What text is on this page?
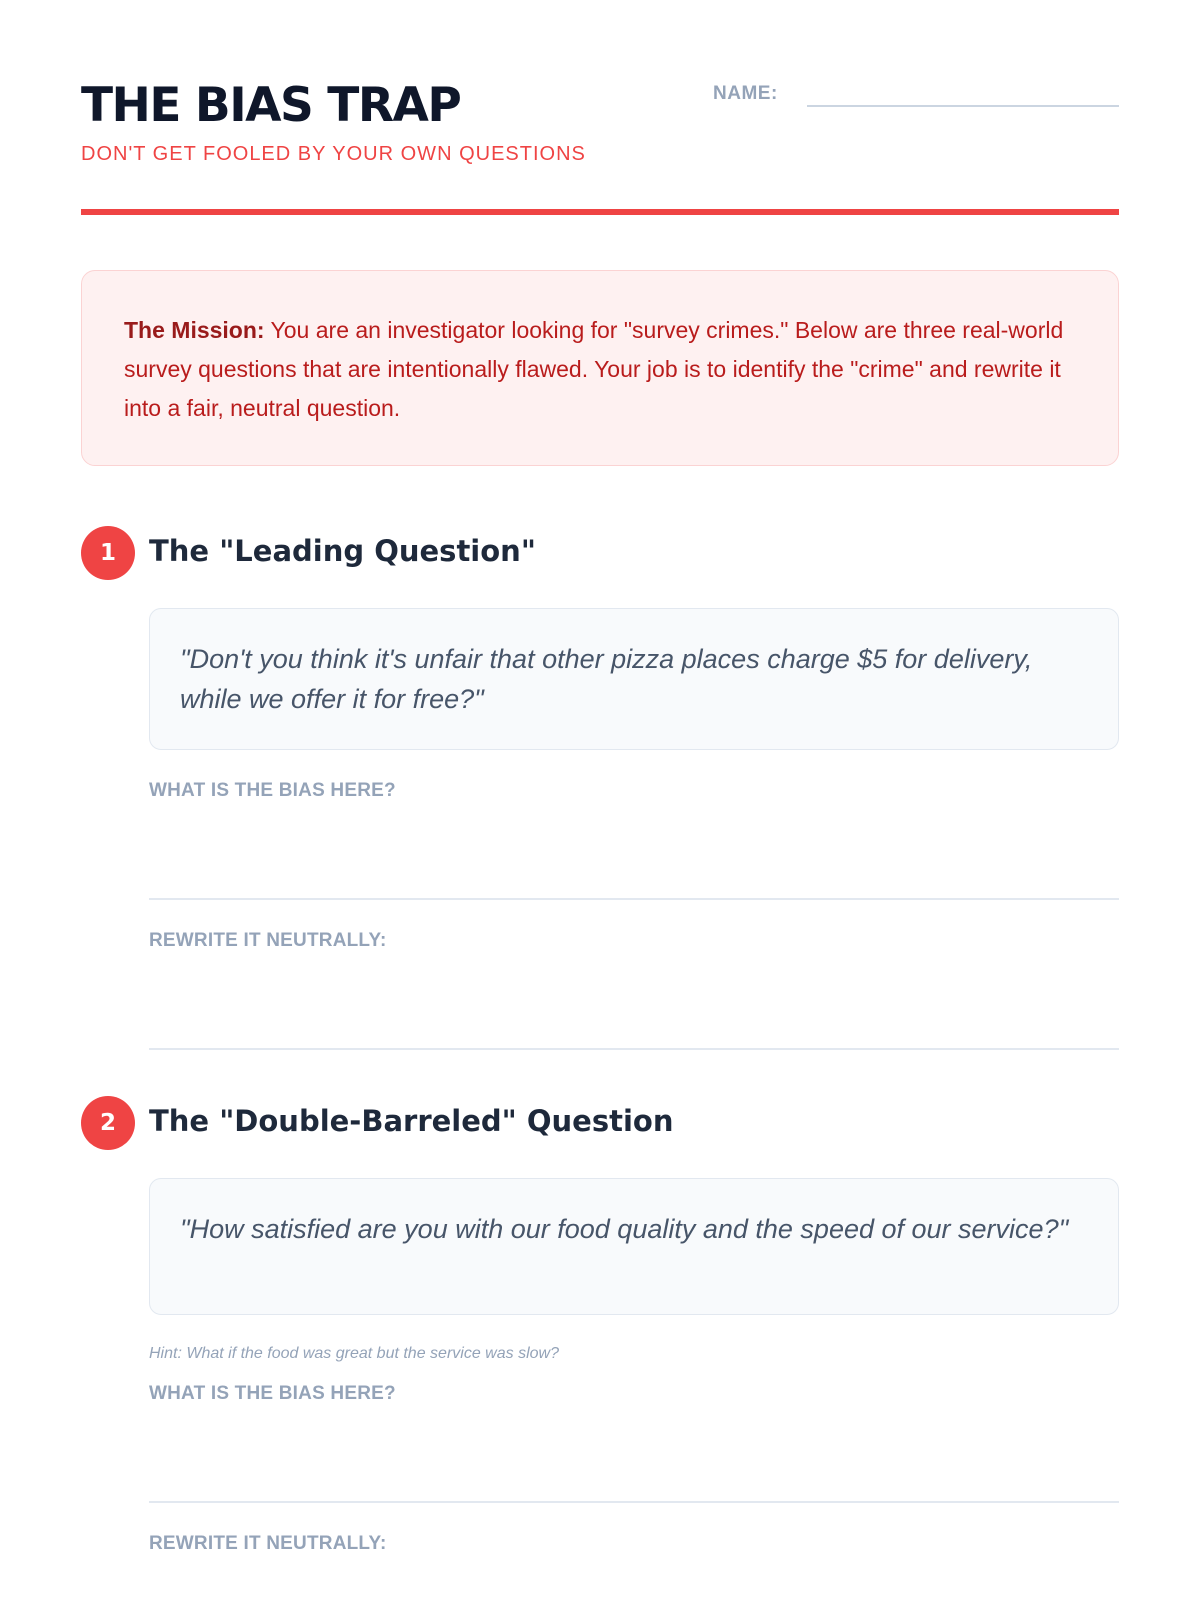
THE BIAS TRAP
DON'T GET FOOLED BY YOUR OWN QUESTIONS
NAME:
The Mission: You are an investigator looking for "survey crimes." Below are three real-world survey questions that are intentionally flawed. Your job is to identify the "crime" and rewrite it into a fair, neutral question.
1	The "Leading Question"
"Don't you think it's unfair that other pizza places charge $5 for delivery, while we offer it for free?"
WHAT IS THE BIAS HERE?
REWRITE IT NEUTRALLY:
2	The "Double-Barreled" Question
"How satisfied are you with our food quality and the speed of our service?"
Hint: What if the food was great but the service was slow?
WHAT IS THE BIAS HERE?
REWRITE IT NEUTRALLY:
